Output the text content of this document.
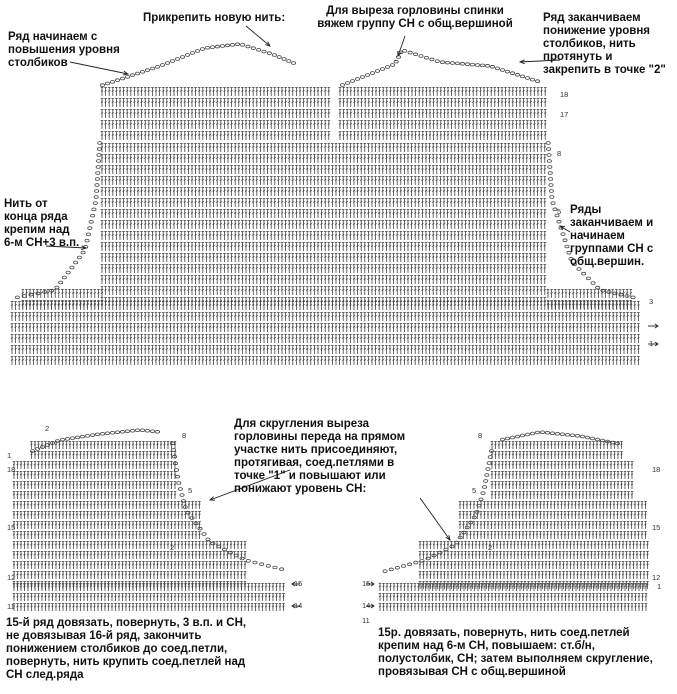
Ряд начинаем с
повышения уровня
столбиков
Прикрепить новую нить:
Для выреза горловины спинки
вяжем группу СН с общ.вершиной	Ряд заканчиваем
понижение уровня
столбиков, нить
протянуть и
закрепить в точке "2"
Нить от
конца ряда
крепим над
6-м СН+3 в.п.
Ряды
заканчиваем и
начинаем
группами СН с
общ.вершин.
Для скругления выреза
горловины переда на прямом
участке нить присоединяют,
протягивая, соед.петлями в
точке "1" и повышают или
понижают уровень СН:
15-й ряд довязать, повернуть, 3 в.п. и СН,
не довязывая 16-й ряд, закончить
понижением столбиков до соед.петли,
повернуть, нить крупить соед.петлей над
СН след.ряда
15р. довязать, повернуть, нить соед.петлей
крепим над 6-м СН, повышаем: ст.б/н,
полустолбик, СН; затем выполняем скругление,
провязывая СН с общ.вершиной
18
17
8
5
3
1
1
18
15
12
11
8
5
2
2
15
14
15
14
11
18
15
12
1
8
5
2
